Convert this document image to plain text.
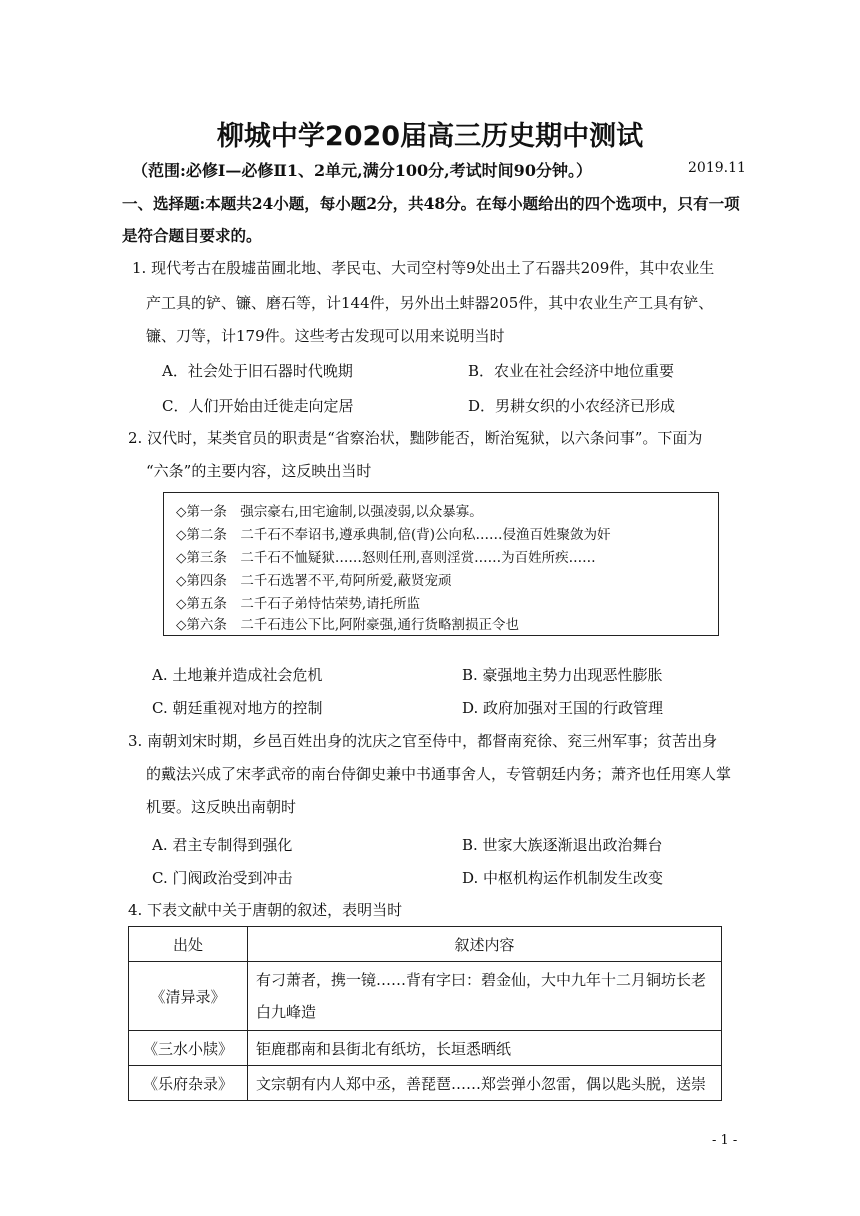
柳城中学2020届高三历史期中测试
（范围:必修Ⅰ—必修Ⅱ1、2单元,满分100分,考试时间90分钟。）	2019.11
一、选择题:本题共24小题，每小题2分，共48分。在每小题给出的四个选项中，只有一项
是符合题目要求的。
1. 现代考古在殷墟苗圃北地、孝民屯、大司空村等9处出土了石器共209件，其中农业生
产工具的铲、镰、磨石等，计144件，另外出土蚌器205件，其中农业生产工具有铲、
镰、刀等，计179件。这些考古发现可以用来说明当时
A．社会处于旧石器时代晚期	B．农业在社会经济中地位重要
C．人们开始由迁徙走向定居	D．男耕女织的小农经济已形成
2. 汉代时，某类官员的职责是“省察治状，黜陟能否，断治冤狱，以六条问事”。下面为
“六条”的主要内容，这反映出当时
◇第一条　强宗豪右,田宅逾制,以强凌弱,以众暴寡。
◇第二条　二千石不奉诏书,遵承典制,倍(背)公向私……侵渔百姓聚敛为奸
◇第三条　二千石不恤疑狱……怒则任刑,喜则淫赏……为百姓所疾……
◇第四条　二千石选署不平,苟阿所爱,蔽贤宠顽
◇第五条　二千石子弟恃怙荣势,请托所监
◇第六条　二千石违公下比,阿附豪强,通行货略割损正令也
A. 土地兼并造成社会危机	B. 豪强地主势力出现恶性膨胀
C. 朝廷重视对地方的控制	D. 政府加强对王国的行政管理
3. 南朝刘宋时期，乡邑百姓出身的沈庆之官至侍中，都督南兖徐、兖三州军事；贫苦出身
的戴法兴成了宋孝武帝的南台侍御史兼中书通事舍人，专管朝廷内务；萧齐也任用寒人掌
机要。这反映出南朝时
A. 君主专制得到强化	B. 世家大族逐渐退出政治舞台
C. 门阀政治受到冲击	D. 中枢机构运作机制发生改变
4. 下表文献中关于唐朝的叙述，表明当时
出处	叙述内容
《清异录》	有刁萧者，携一镜……背有字曰：碧金仙，大中九年十二月铜坊长老
白九峰造

《三水小牍》	钜鹿郡南和县街北有纸坊，长垣悉晒纸
《乐府杂录》	文宗朝有内人郑中丞，善琵琶……郑尝弹小忽雷，偶以匙头脱，送崇
- 1 -
